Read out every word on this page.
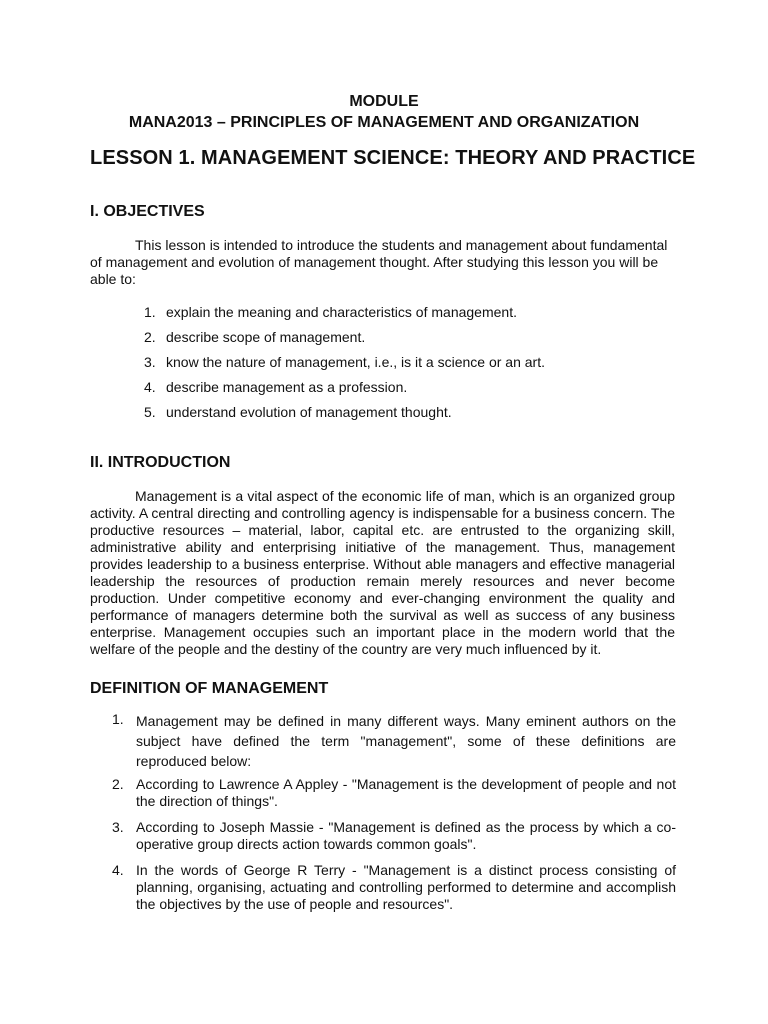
MODULE

MANA2013 – PRINCIPLES OF MANAGEMENT AND ORGANIZATION

LESSON 1. MANAGEMENT SCIENCE: THEORY AND PRACTICE
I. OBJECTIVES

This lesson is intended to introduce the students and management about fundamental of management and evolution of management thought. After studying this lesson you will be able to:

1. explain the meaning and characteristics of management.
2. describe scope of management.
3. know the nature of management, i.e., is it a science or an art.
4. describe management as a profession.
5. understand evolution of management thought.
II. INTRODUCTION

Management is a vital aspect of the economic life of man, which is an organized group activity. A central directing and controlling agency is indispensable for a business concern. The productive resources – material, labor, capital etc. are entrusted to the organizing skill, administrative ability and enterprising initiative of the management. Thus, management provides leadership to a business enterprise. Without able managers and effective managerial leadership the resources of production remain merely resources and never become production. Under competitive economy and ever-changing environment the quality and performance of managers determine both the survival as well as success of any business enterprise. Management occupies such an important place in the modern world that the welfare of the people and the destiny of the country are very much influenced by it.

DEFINITION OF MANAGEMENT
1. Management may be defined in many different ways. Many eminent authors on the subject have defined the term "management", some of these definitions are reproduced below:
2. According to Lawrence A Appley - "Management is the development of people and not the direction of things".
3. According to Joseph Massie - "Management is defined as the process by which a co-operative group directs action towards common goals".
4. In the words of George R Terry - "Management is a distinct process consisting of planning, organising, actuating and controlling performed to determine and accomplish the objectives by the use of people and resources".
